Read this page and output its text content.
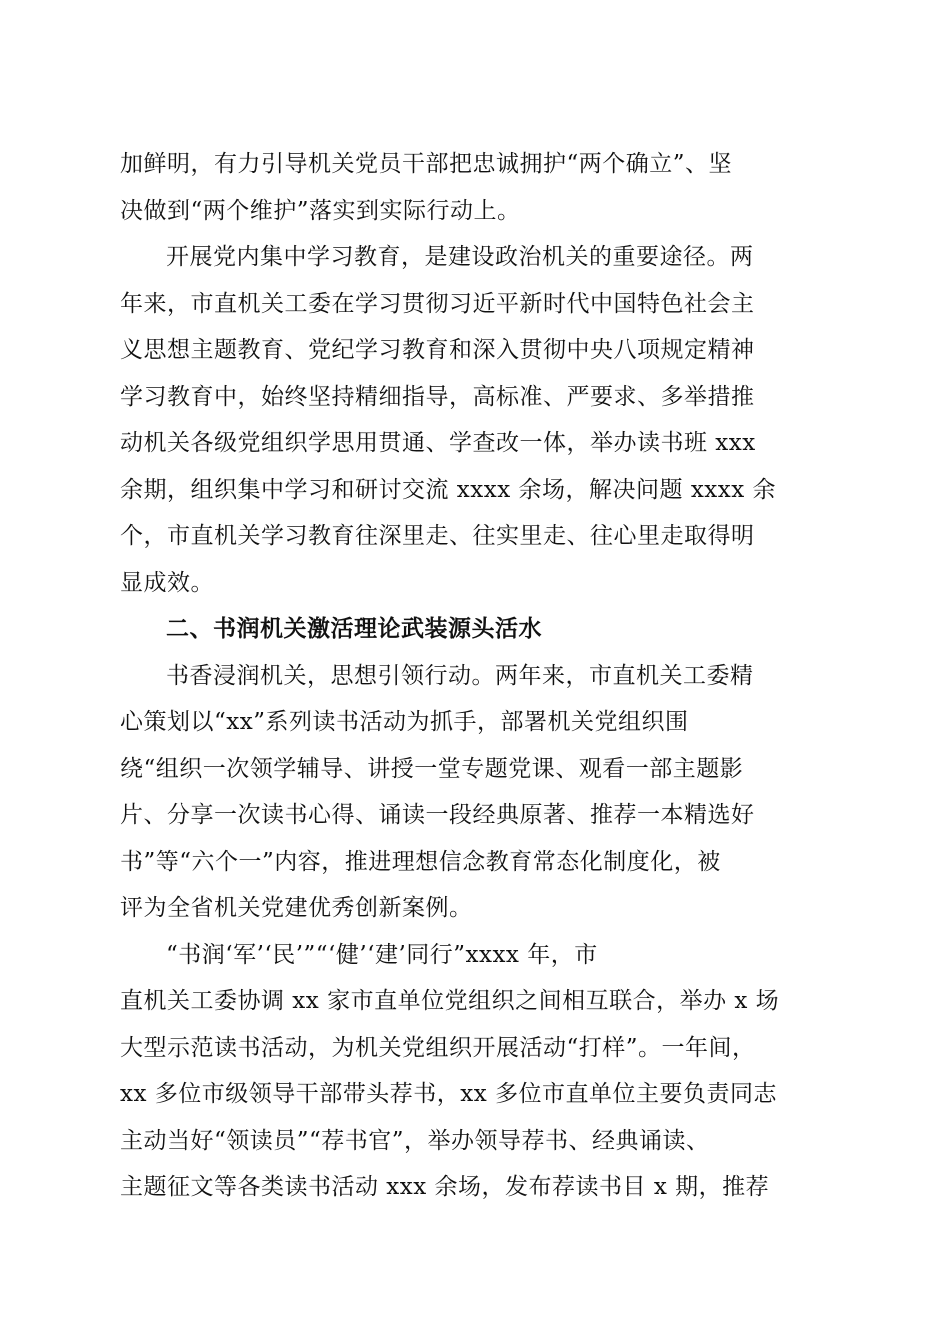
加鲜明，有力引导机关党员干部把忠诚拥护“两个确立”、坚
决做到“两个维护”落实到实际行动上。
开展党内集中学习教育，是建设政治机关的重要途径。两
年来，市直机关工委在学习贯彻习近平新时代中国特色社会主
义思想主题教育、党纪学习教育和深入贯彻中央八项规定精神
学习教育中，始终坚持精细指导，高标准、严要求、多举措推
动机关各级党组织学思用贯通、学查改一体，举办读书班 xxx
余期，组织集中学习和研讨交流 xxxx 余场，解决问题 xxxx 余
个，市直机关学习教育往深里走、往实里走、往心里走取得明
显成效。
二、书润机关激活理论武装源头活水
书香浸润机关，思想引领行动。两年来，市直机关工委精
心策划以“xx”系列读书活动为抓手，部署机关党组织围
绕“组织一次领学辅导、讲授一堂专题党课、观看一部主题影
片、分享一次读书心得、诵读一段经典原著、推荐一本精选好
书”等“六个一”内容，推进理想信念教育常态化制度化，被
评为全省机关党建优秀创新案例。
“书润‘军’‘民’”“‘健’‘建’同行”xxxx 年，市
直机关工委协调 xx 家市直单位党组织之间相互联合，举办 x 场
大型示范读书活动，为机关党组织开展活动“打样”。一年间，
xx 多位市级领导干部带头荐书，xx 多位市直单位主要负责同志
主动当好“领读员”“荐书官”，举办领导荐书、经典诵读、
主题征文等各类读书活动 xxx 余场，发布荐读书目 x 期，推荐
